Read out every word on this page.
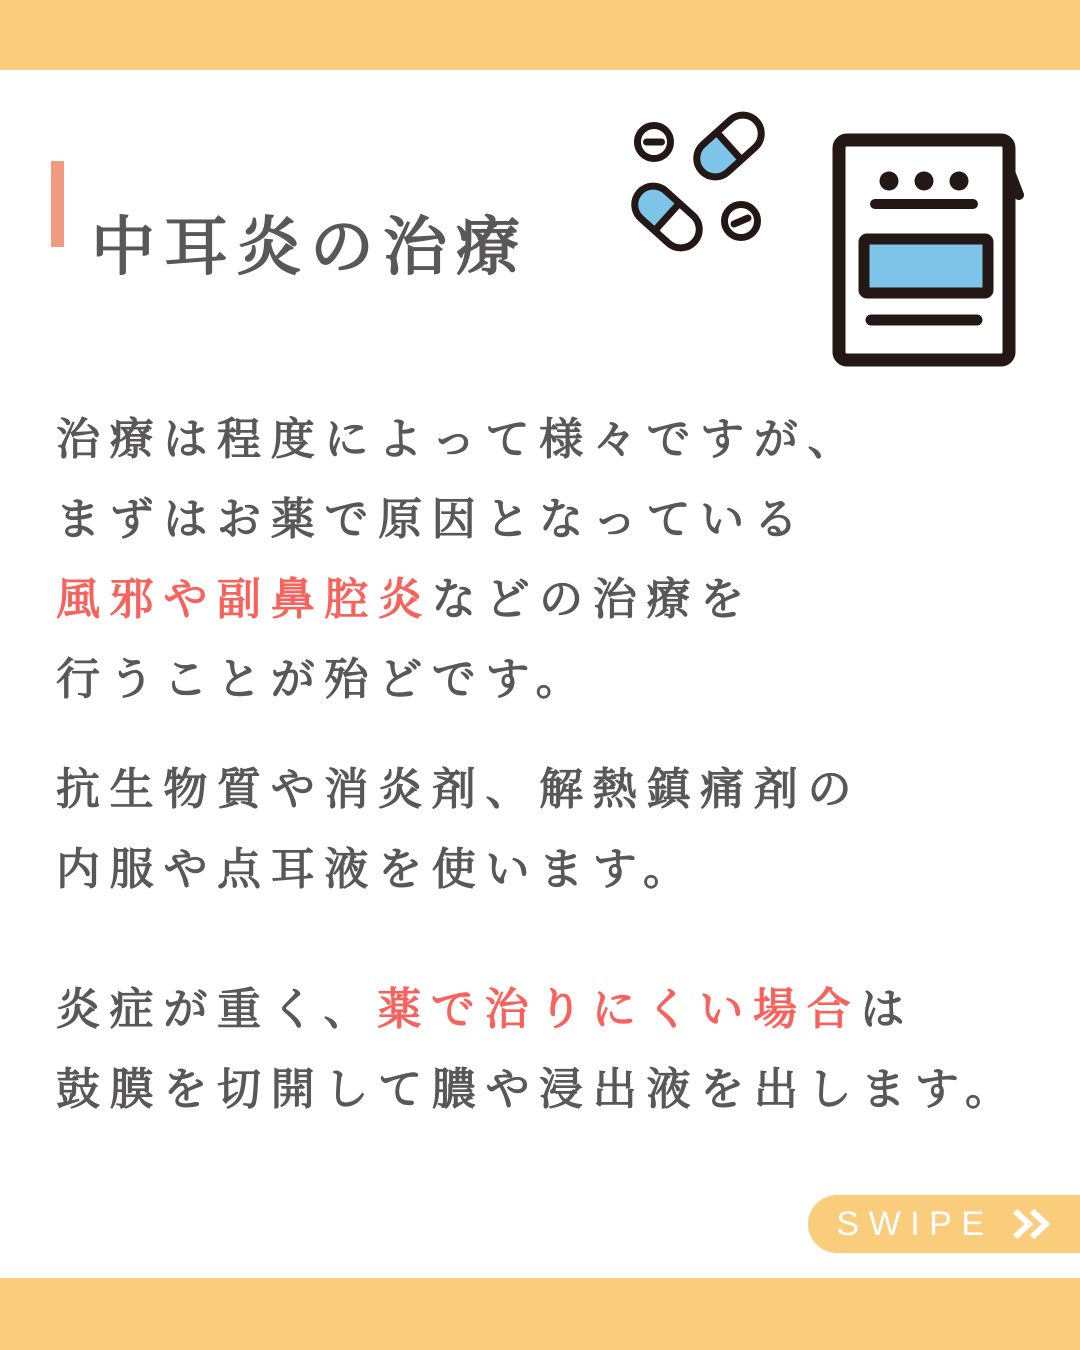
中耳炎の治療
治療は程度によって様々ですが、
まずはお薬で原因となっている
風邪や副鼻腔炎などの治療を
行うことが殆どです。
抗生物質や消炎剤、解熱鎮痛剤の
内服や点耳液を使います。
炎症が重く、薬で治りにくい場合は
鼓膜を切開して膿や浸出液を出します。
SWIPE
